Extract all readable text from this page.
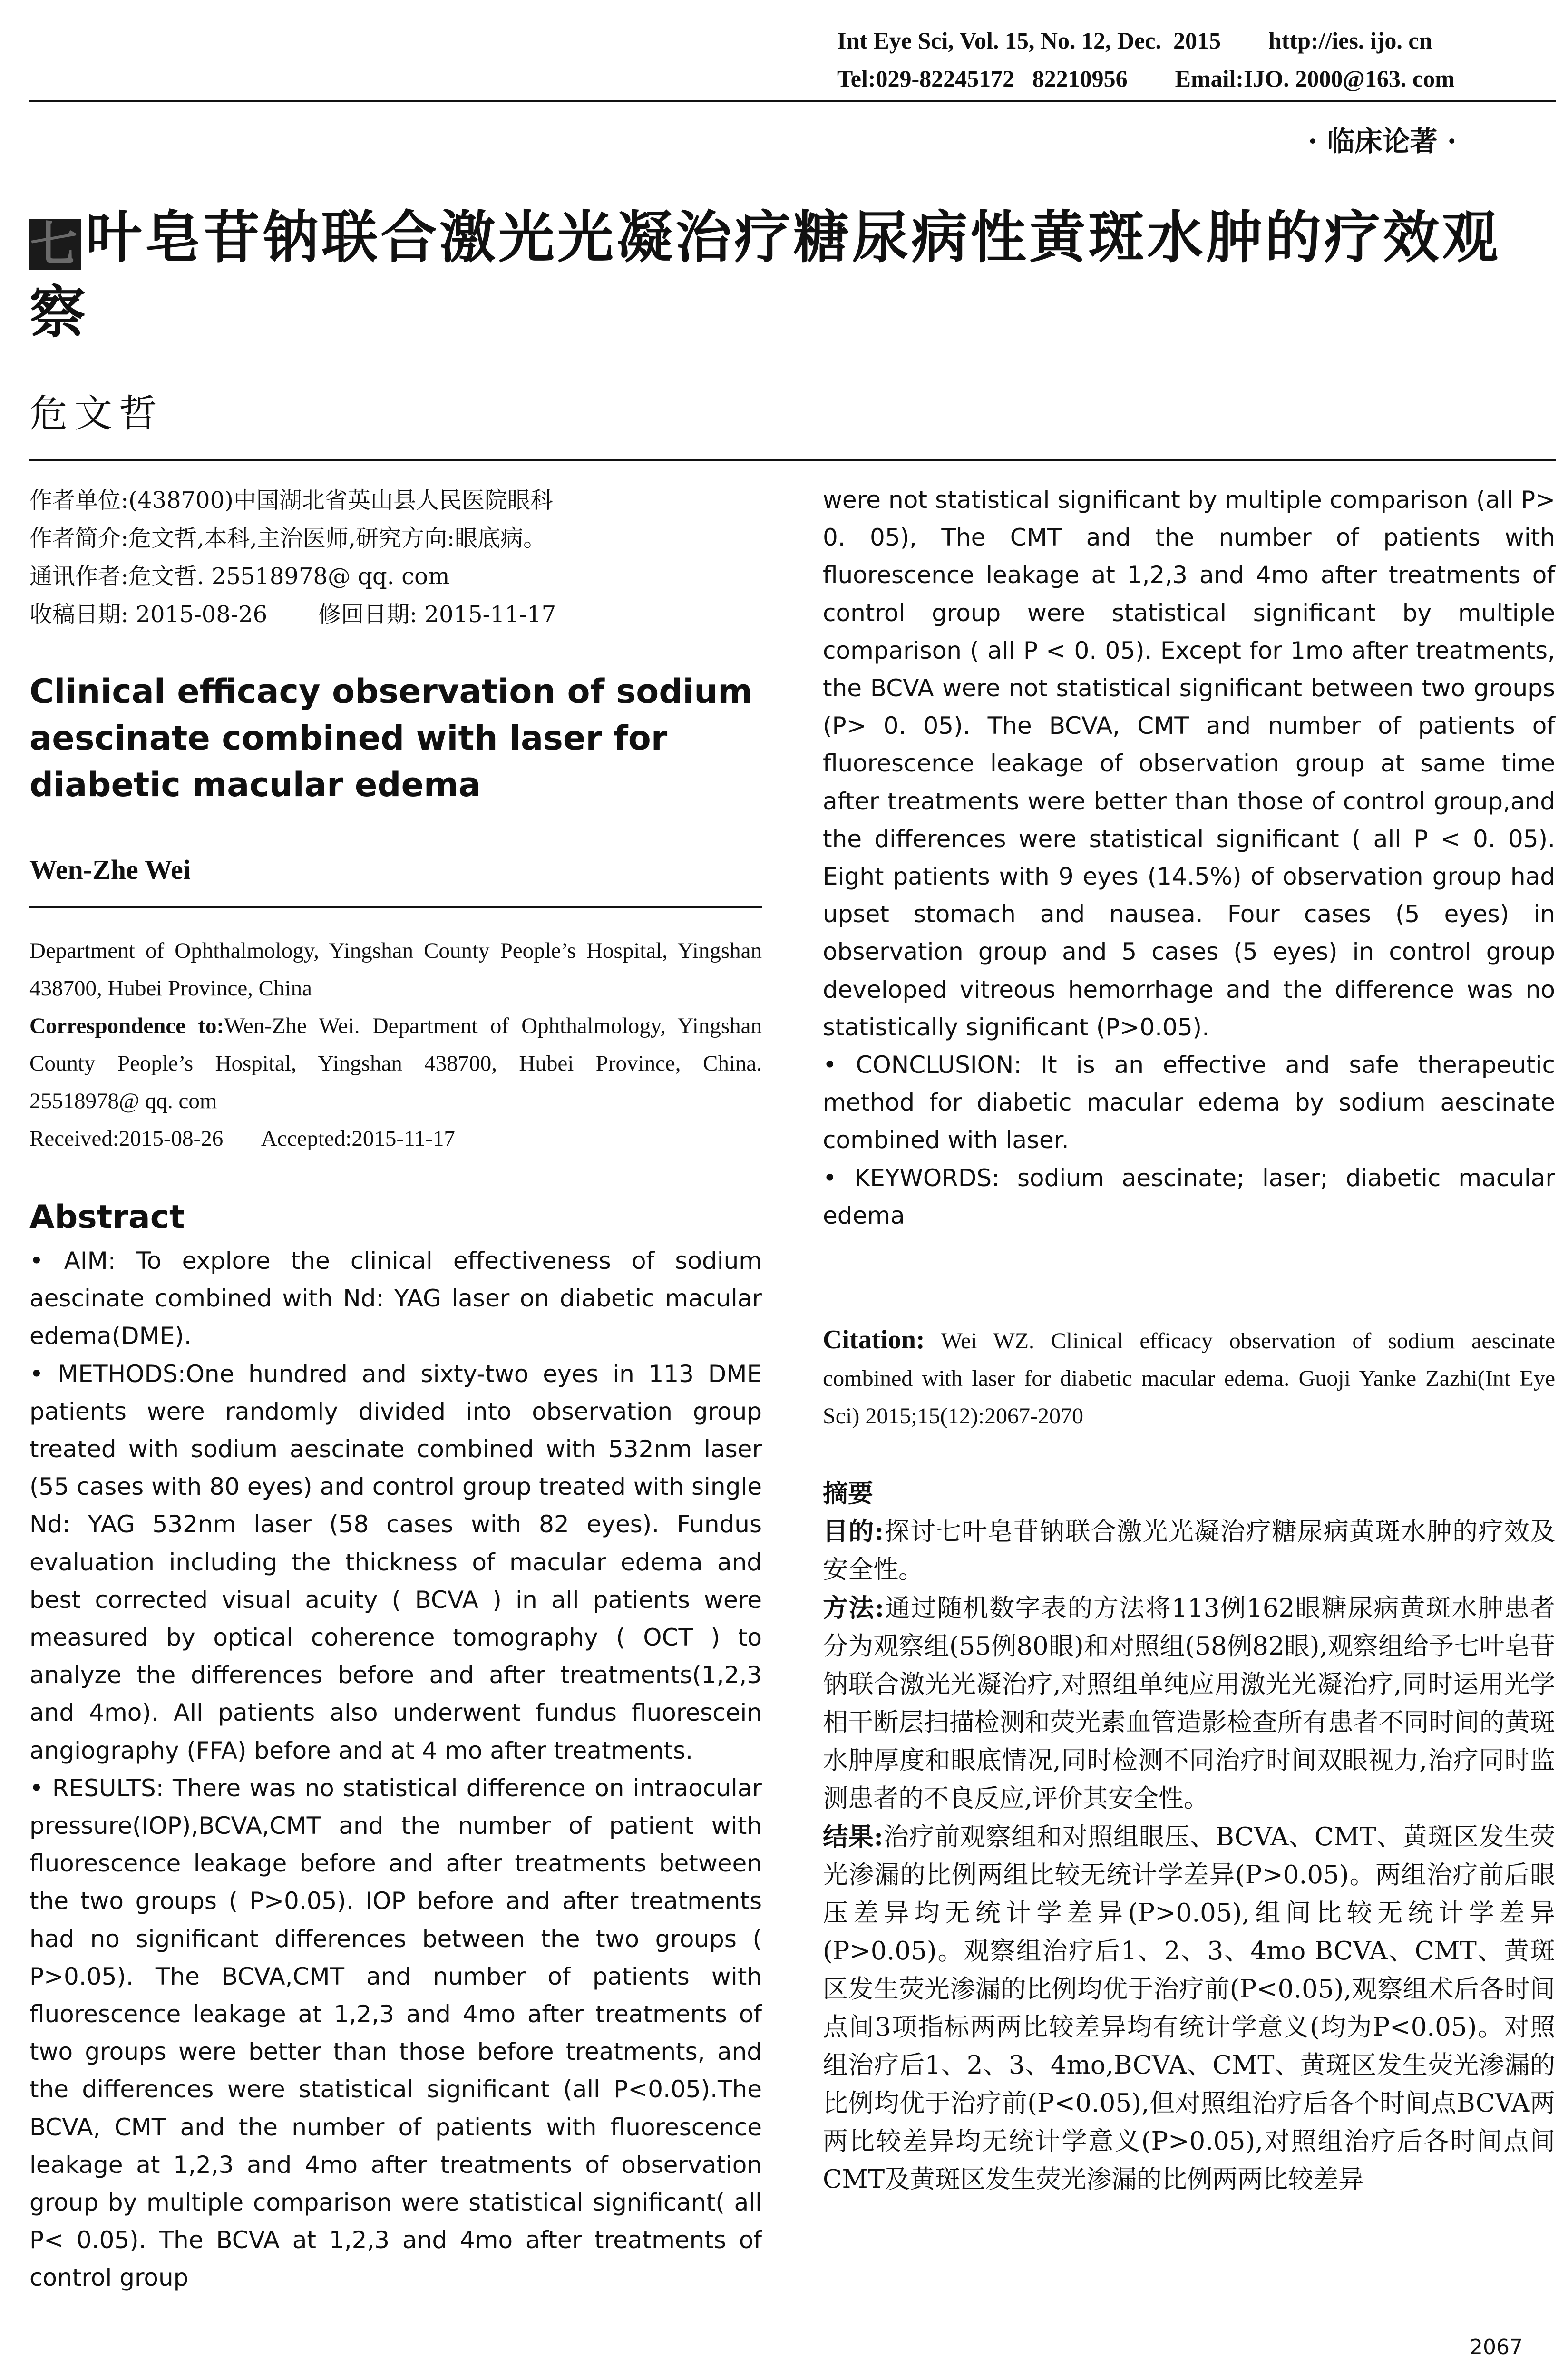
Int Eye Sci, Vol. 15, No. 12, Dec.  2015        http://ies. ijo. cn
Tel:029-82245172   82210956        Email:IJO. 2000@163. com
· 临床论著 ·
七叶皂苷钠联合激光光凝治疗糖尿病性黄斑水肿的疗效观察
危文哲
作者单位:(438700)中国湖北省英山县人民医院眼科
作者简介:危文哲,本科,主治医师,研究方向:眼底病。
通讯作者:危文哲. 25518978@ qq. com
收稿日期: 2015-08-26       修回日期: 2015-11-17
Clinical efficacy observation of sodium aescinate combined with laser for diabetic macular edema
Wen-Zhe Wei
Department of Ophthalmology, Yingshan County People’s Hospital, Yingshan 438700, Hubei Province, China
Correspondence to:Wen-Zhe Wei. Department of Ophthalmology, Yingshan County People’s Hospital, Yingshan 438700, Hubei Province, China. 25518978@ qq. com
Received:2015-08-26       Accepted:2015-11-17
Abstract

• AIM: To explore the clinical effectiveness of sodium aescinate combined with Nd: YAG laser on diabetic macular edema(DME).

• METHODS:One hundred and sixty-two eyes in 113 DME patients were randomly divided into observation group treated with sodium aescinate combined with 532nm laser (55 cases with 80 eyes) and control group treated with single Nd: YAG 532nm laser (58 cases with 82 eyes). Fundus evaluation including the thickness of macular edema and best corrected visual acuity ( BCVA ) in all patients were measured by optical coherence tomography ( OCT ) to analyze the differences before and after treatments(1,2,3 and 4mo). All patients also underwent fundus fluorescein angiography (FFA) before and at 4 mo after treatments.

• RESULTS: There was no statistical difference on intraocular pressure(IOP),BCVA,CMT and the number of patient with fluorescence leakage before and after treatments between the two groups ( P>0.05). IOP before and after treatments had no significant differences between the two groups ( P>0.05). The BCVA,CMT and number of patients with fluorescence leakage at 1,2,3 and 4mo after treatments of two groups were better than those before treatments, and the differences were statistical significant (all P<0.05).The BCVA, CMT and the number of patients with fluorescence leakage at 1,2,3 and 4mo after treatments of observation group by multiple comparison were statistical significant( all P< 0.05). The BCVA at 1,2,3 and 4mo after treatments of control group

were not statistical significant by multiple comparison (all P> 0. 05), The CMT and the number of patients with fluorescence leakage at 1,2,3 and 4mo after treatments of control group were statistical significant by multiple comparison ( all P < 0. 05). Except for 1mo after treatments, the BCVA were not statistical significant between two groups (P> 0. 05). The BCVA, CMT and number of patients of fluorescence leakage of observation group at same time after treatments were better than those of control group,and the differences were statistical significant ( all P < 0. 05). Eight patients with 9 eyes (14.5%) of observation group had upset stomach and nausea. Four cases (5 eyes) in observation group and 5 cases (5 eyes) in control group developed vitreous hemorrhage and the difference was no statistically significant (P>0.05).

• CONCLUSION: It is an effective and safe therapeutic method for diabetic macular edema by sodium aescinate combined with laser.

• KEYWORDS: sodium aescinate; laser; diabetic macular edema

Citation: Wei WZ. Clinical efficacy observation of sodium aescinate combined with laser for diabetic macular edema. Guoji Yanke Zazhi(Int Eye Sci) 2015;15(12):2067-2070

摘要

目的:探讨七叶皂苷钠联合激光光凝治疗糖尿病黄斑水肿的疗效及安全性。

方法:通过随机数字表的方法将113例162眼糖尿病黄斑水肿患者分为观察组(55例80眼)和对照组(58例82眼),观察组给予七叶皂苷钠联合激光光凝治疗,对照组单纯应用激光光凝治疗,同时运用光学相干断层扫描检测和荧光素血管造影检查所有患者不同时间的黄斑水肿厚度和眼底情况,同时检测不同治疗时间双眼视力,治疗同时监测患者的不良反应,评价其安全性。

结果:治疗前观察组和对照组眼压、BCVA、CMT、黄斑区发生荧光渗漏的比例两组比较无统计学差异(P>0.05)。两组治疗前后眼压差异均无统计学差异(P>0.05),组间比较无统计学差异(P>0.05)。观察组治疗后1、2、3、4mo BCVA、CMT、黄斑区发生荧光渗漏的比例均优于治疗前(P<0.05),观察组术后各时间点间3项指标两两比较差异均有统计学意义(均为P<0.05)。对照组治疗后1、2、3、4mo,BCVA、CMT、黄斑区发生荧光渗漏的比例均优于治疗前(P<0.05),但对照组治疗后各个时间点BCVA两两比较差异均无统计学意义(P>0.05),对照组治疗后各时间点间CMT及黄斑区发生荧光渗漏的比例两两比较差异

2067
